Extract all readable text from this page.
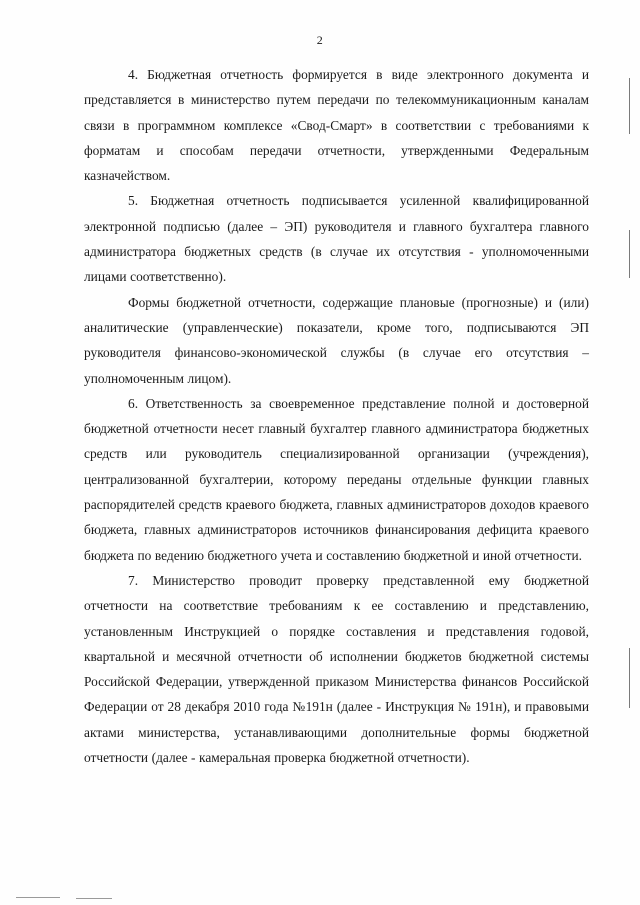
2

4. Бюджетная отчетность формируется в виде электронного документа и представляется в министерство путем передачи по телекоммуникационным каналам связи в программном комплексе «Свод-Смарт» в соответствии с требованиями к форматам и способам передачи отчетности, утвержденными Федеральным казначейством.

5. Бюджетная отчетность подписывается усиленной квалифицированной электронной подписью (далее – ЭП) руководителя и главного бухгалтера главного администратора бюджетных средств (в случае их отсутствия - уполномоченными лицами соответственно).

Формы бюджетной отчетности, содержащие плановые (прогнозные) и (или) аналитические (управленческие) показатели, кроме того, подписываются ЭП руководителя финансово-экономической службы (в случае его отсутствия – уполномоченным лицом).

6. Ответственность за своевременное представление полной и достоверной бюджетной отчетности несет главный бухгалтер главного администратора бюджетных средств или руководитель специализированной организации (учреждения), централизованной бухгалтерии, которому переданы отдельные функции главных распорядителей средств краевого бюджета, главных администраторов доходов краевого бюджета, главных администраторов источников финансирования дефицита краевого бюджета по ведению бюджетного учета и составлению бюджетной и иной отчетности.

7. Министерство проводит проверку представленной ему бюджетной отчетности на соответствие требованиям к ее составлению и представлению, установленным Инструкцией о порядке составления и представления годовой, квартальной и месячной отчетности об исполнении бюджетов бюджетной системы Российской Федерации, утвержденной приказом Министерства финансов Российской Федерации от 28 декабря 2010 года №191н (далее - Инструкция № 191н), и правовыми актами министерства, устанавливающими дополнительные формы бюджетной отчетности (далее - камеральная проверка бюджетной отчетности).
